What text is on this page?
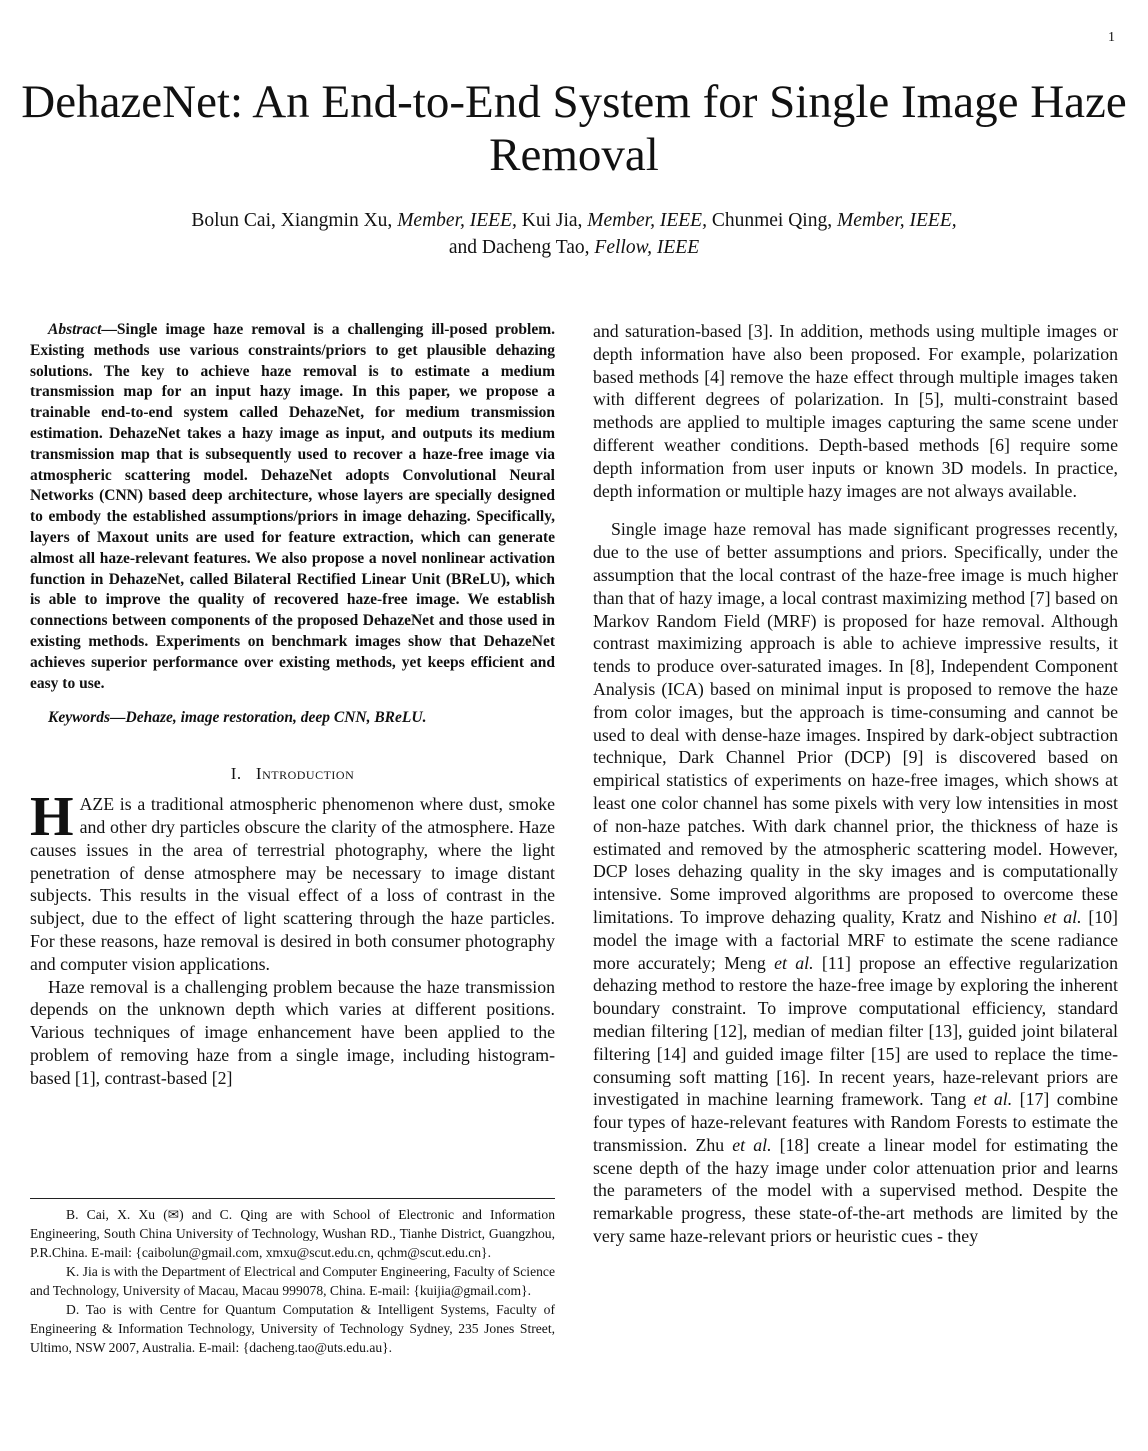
1
DehazeNet: An End-to-End System for Single Image Haze Removal
Bolun Cai, Xiangmin Xu, Member, IEEE, Kui Jia, Member, IEEE, Chunmei Qing, Member, IEEE,
and Dacheng Tao, Fellow, IEEE

Abstract—Single image haze removal is a challenging ill-posed problem. Existing methods use various constraints/priors to get plausible dehazing solutions. The key to achieve haze removal is to estimate a medium transmission map for an input hazy image. In this paper, we propose a trainable end-to-end system called DehazeNet, for medium transmission estimation. DehazeNet takes a hazy image as input, and outputs its medium transmission map that is subsequently used to recover a haze-free image via atmospheric scattering model. DehazeNet adopts Convolutional Neural Networks (CNN) based deep architecture, whose layers are specially designed to embody the established assumptions/priors in image dehazing. Specifically, layers of Maxout units are used for feature extraction, which can generate almost all haze-relevant features. We also propose a novel nonlinear activation function in DehazeNet, called Bilateral Rectified Linear Unit (BReLU), which is able to improve the quality of recovered haze-free image. We establish connections between components of the proposed DehazeNet and those used in existing methods. Experiments on benchmark images show that DehazeNet achieves superior performance over existing methods, yet keeps efficient and easy to use.

Keywords—Dehaze, image restoration, deep CNN, BReLU.

I. Introduction

HAZE is a traditional atmospheric phenomenon where dust, smoke and other dry particles obscure the clarity of the atmosphere. Haze causes issues in the area of terrestrial photography, where the light penetration of dense atmosphere may be necessary to image distant subjects. This results in the visual effect of a loss of contrast in the subject, due to the effect of light scattering through the haze particles. For these reasons, haze removal is desired in both consumer photography and computer vision applications.

Haze removal is a challenging problem because the haze transmission depends on the unknown depth which varies at different positions. Various techniques of image enhancement have been applied to the problem of removing haze from a single image, including histogram-based [1], contrast-based [2]

B. Cai, X. Xu (✉) and C. Qing are with School of Electronic and Information Engineering, South China University of Technology, Wushan RD., Tianhe District, Guangzhou, P.R.China. E-mail: {caibolun@gmail.com, xmxu@scut.edu.cn, qchm@scut.edu.cn}.

K. Jia is with the Department of Electrical and Computer Engineering, Faculty of Science and Technology, University of Macau, Macau 999078, China. E-mail: {kuijia@gmail.com}.

D. Tao is with Centre for Quantum Computation & Intelligent Systems, Faculty of Engineering & Information Technology, University of Technology Sydney, 235 Jones Street, Ultimo, NSW 2007, Australia. E-mail: {dacheng.tao@uts.edu.au}.

and saturation-based [3]. In addition, methods using multiple images or depth information have also been proposed. For example, polarization based methods [4] remove the haze effect through multiple images taken with different degrees of polarization. In [5], multi-constraint based methods are applied to multiple images capturing the same scene under different weather conditions. Depth-based methods [6] require some depth information from user inputs or known 3D models. In practice, depth information or multiple hazy images are not always available.

Single image haze removal has made significant progresses recently, due to the use of better assumptions and priors. Specifically, under the assumption that the local contrast of the haze-free image is much higher than that of hazy image, a local contrast maximizing method [7] based on Markov Random Field (MRF) is proposed for haze removal. Although contrast maximizing approach is able to achieve impressive results, it tends to produce over-saturated images. In [8], Independent Component Analysis (ICA) based on minimal input is proposed to remove the haze from color images, but the approach is time-consuming and cannot be used to deal with dense-haze images. Inspired by dark-object subtraction technique, Dark Channel Prior (DCP) [9] is discovered based on empirical statistics of experiments on haze-free images, which shows at least one color channel has some pixels with very low intensities in most of non-haze patches. With dark channel prior, the thickness of haze is estimated and removed by the atmospheric scattering model. However, DCP loses dehazing quality in the sky images and is computationally intensive. Some improved algorithms are proposed to overcome these limitations. To improve dehazing quality, Kratz and Nishino et al. [10] model the image with a factorial MRF to estimate the scene radiance more accurately; Meng et al. [11] propose an effective regularization dehazing method to restore the haze-free image by exploring the inherent boundary constraint. To improve computational efficiency, standard median filtering [12], median of median filter [13], guided joint bilateral filtering [14] and guided image filter [15] are used to replace the time-consuming soft matting [16]. In recent years, haze-relevant priors are investigated in machine learning framework. Tang et al. [17] combine four types of haze-relevant features with Random Forests to estimate the transmission. Zhu et al. [18] create a linear model for estimating the scene depth of the hazy image under color attenuation prior and learns the parameters of the model with a supervised method. Despite the remarkable progress, these state-of-the-art methods are limited by the very same haze-relevant priors or heuristic cues - they
